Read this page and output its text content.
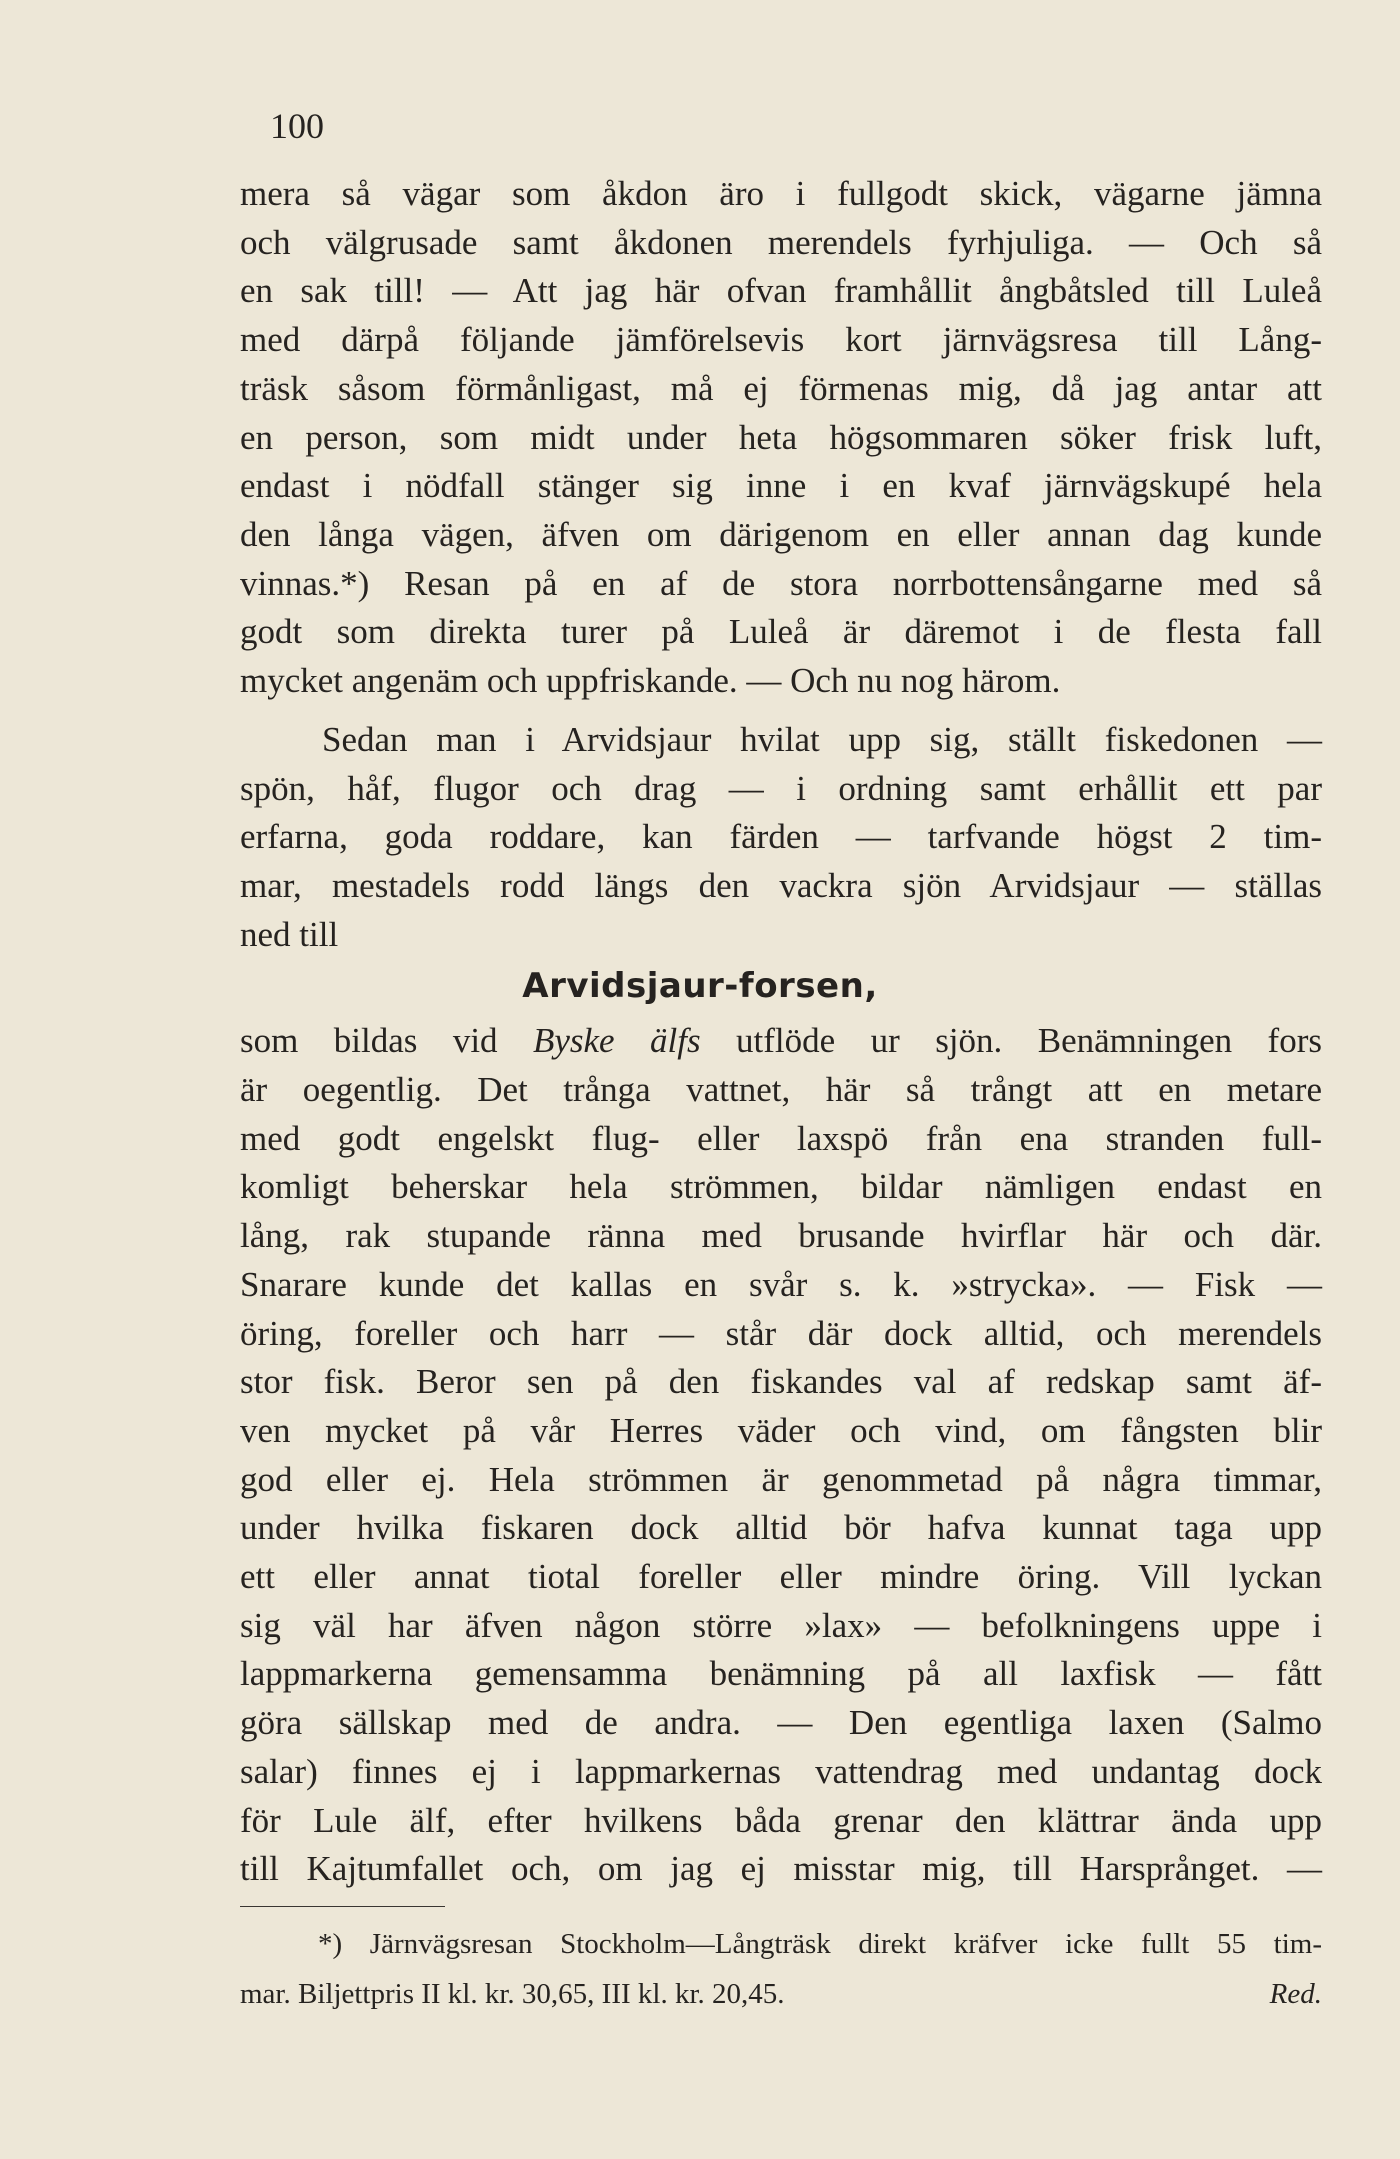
100
mera så vägar som åkdon äro i fullgodt skick, vägarne jämna
och välgrusade samt åkdonen merendels fyrhjuliga. — Och så
en sak till! — Att jag här ofvan framhållit ångbåtsled till Luleå
med därpå följande jämförelsevis kort järnvägsresa till Lång-
träsk såsom förmånligast, må ej förmenas mig, då jag antar att
en person, som midt under heta högsommaren söker frisk luft,
endast i nödfall stänger sig inne i en kvaf järnvägskupé hela
den långa vägen, äfven om därigenom en eller annan dag kunde
vinnas.*) Resan på en af de stora norrbottensångarne med så
godt som direkta turer på Luleå är däremot i de flesta fall
mycket angenäm och uppfriskande. — Och nu nog härom.
Sedan man i Arvidsjaur hvilat upp sig, ställt fiskedonen —
spön, håf, flugor och drag — i ordning samt erhållit ett par
erfarna, goda roddare, kan färden — tarfvande högst 2 tim-
mar, mestadels rodd längs den vackra sjön Arvidsjaur — ställas
ned till
Arvidsjaur-forsen,
som bildas vid Byske älfs utflöde ur sjön. Benämningen fors
är oegentlig. Det trånga vattnet, här så trångt att en metare
med godt engelskt flug- eller laxspö från ena stranden full-
komligt beherskar hela strömmen, bildar nämligen endast en
lång, rak stupande ränna med brusande hvirflar här och där.
Snarare kunde det kallas en svår s. k. »strycka». — Fisk —
öring, foreller och harr — står där dock alltid, och merendels
stor fisk. Beror sen på den fiskandes val af redskap samt äf-
ven mycket på vår Herres väder och vind, om fångsten blir
god eller ej. Hela strömmen är genommetad på några timmar,
under hvilka fiskaren dock alltid bör hafva kunnat taga upp
ett eller annat tiotal foreller eller mindre öring. Vill lyckan
sig väl har äfven någon större »lax» — befolkningens uppe i
lappmarkerna gemensamma benämning på all laxfisk — fått
göra sällskap med de andra. — Den egentliga laxen (Salmo
salar) finnes ej i lappmarkernas vattendrag med undantag dock
för Lule älf, efter hvilkens båda grenar den klättrar ända upp
till Kajtumfallet och, om jag ej misstar mig, till Harsprånget. —
*) Järnvägsresan Stockholm—Långträsk direkt kräfver icke fullt 55 tim-
mar. Biljettpris II kl. kr. 30,65, III kl. kr. 20,45.	Red.
